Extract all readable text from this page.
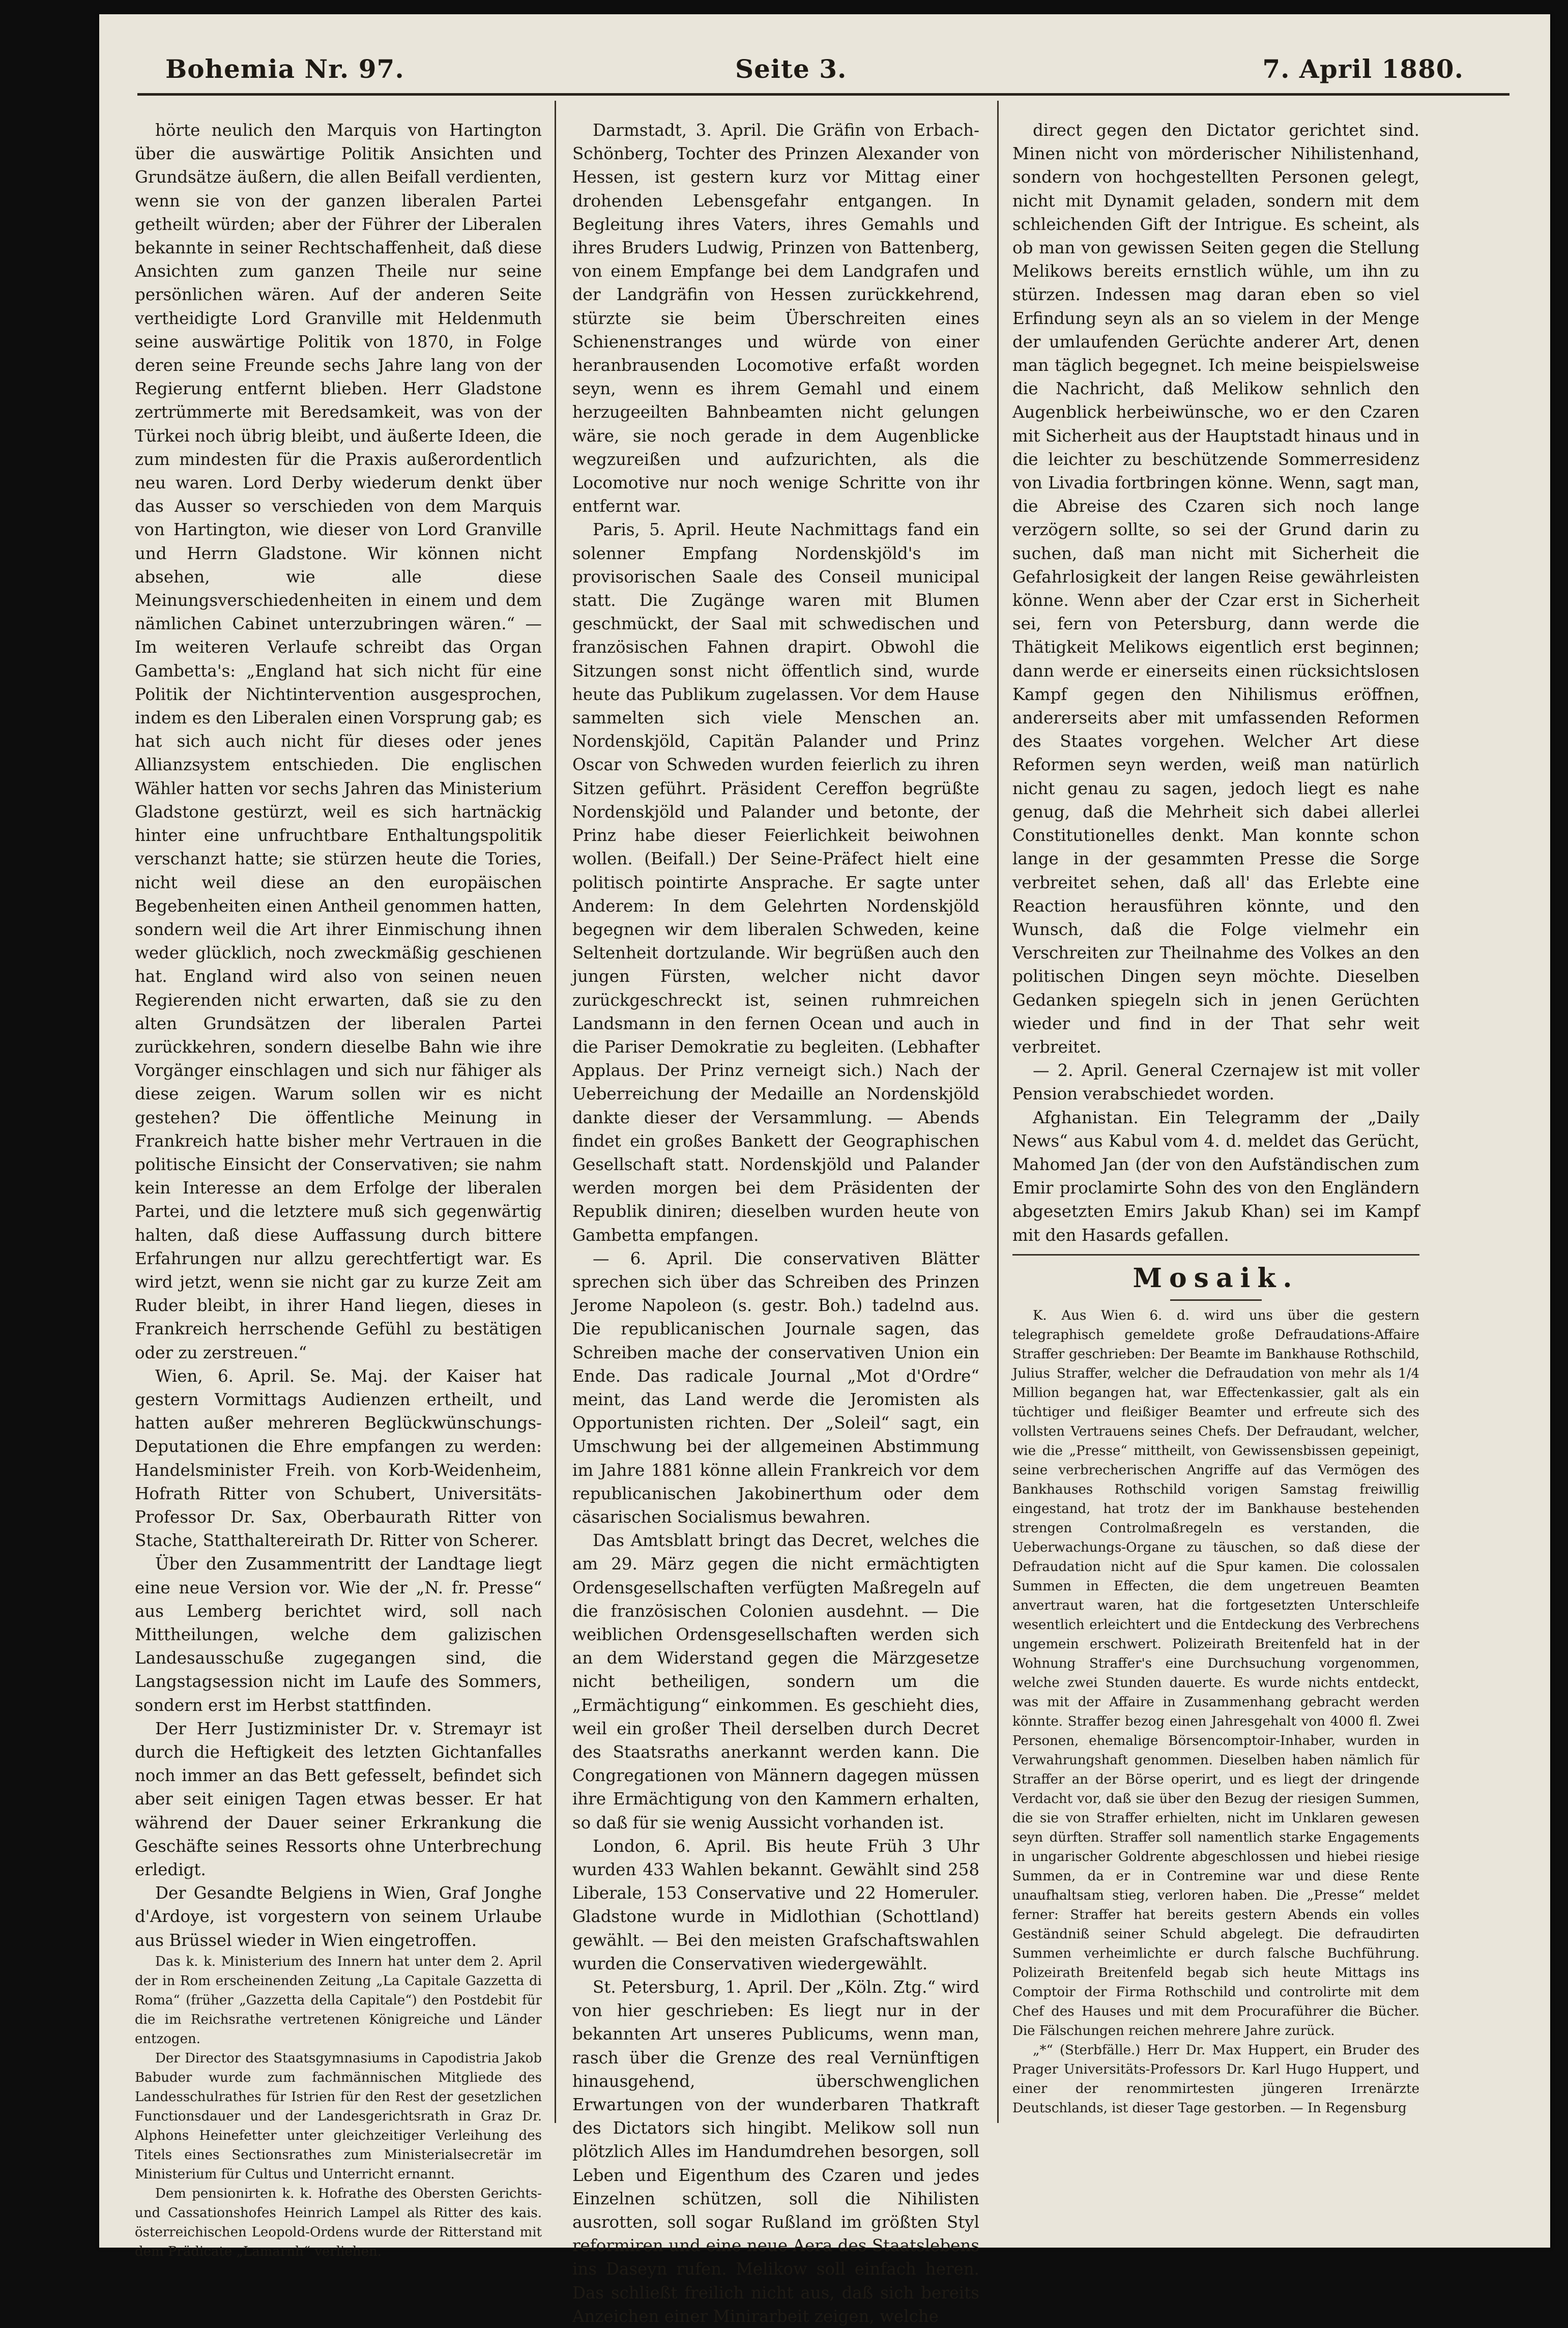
Bohemia Nr. 97.	Seite 3.	7. April 1880.

hörte neulich den Marquis von Hartington über die auswärtige Politik Ansichten und Grundsätze äußern, die allen Beifall verdienten, wenn sie von der ganzen liberalen Partei getheilt würden; aber der Führer der Liberalen bekannte in seiner Rechtschaffenheit, daß diese Ansichten zum ganzen Theile nur seine persönlichen wären. Auf der anderen Seite vertheidigte Lord Granville mit Heldenmuth seine auswärtige Politik von 1870, in Folge deren seine Freunde sechs Jahre lang von der Regierung entfernt blieben. Herr Gladstone zertrümmerte mit Beredsamkeit, was von der Türkei noch übrig bleibt, und äußerte Ideen, die zum mindesten für die Praxis außerordentlich neu waren. Lord Derby wiederum denkt über das Ausser so verschieden von dem Marquis von Hartington, wie dieser von Lord Granville und Herrn Gladstone. Wir können nicht absehen, wie alle diese Meinungsverschiedenheiten in einem und dem nämlichen Cabinet unterzubringen wären.“ — Im weiteren Verlaufe schreibt das Organ Gambetta's: „England hat sich nicht für eine Politik der Nichtintervention ausgesprochen, indem es den Liberalen einen Vorsprung gab; es hat sich auch nicht für dieses oder jenes Allianzsystem entschieden. Die englischen Wähler hatten vor sechs Jahren das Ministerium Gladstone gestürzt, weil es sich hartnäckig hinter eine unfruchtbare Enthaltungspolitik verschanzt hatte; sie stürzen heute die Tories, nicht weil diese an den europäischen Begebenheiten einen Antheil genommen hatten, sondern weil die Art ihrer Einmischung ihnen weder glücklich, noch zweckmäßig geschienen hat. England wird also von seinen neuen Regierenden nicht erwarten, daß sie zu den alten Grundsätzen der liberalen Partei zurückkehren, sondern dieselbe Bahn wie ihre Vorgänger einschlagen und sich nur fähiger als diese zeigen. Warum sollen wir es nicht gestehen? Die öffentliche Meinung in Frankreich hatte bisher mehr Vertrauen in die politische Einsicht der Conservativen; sie nahm kein Interesse an dem Erfolge der liberalen Partei, und die letztere muß sich gegenwärtig halten, daß diese Auffassung durch bittere Erfahrungen nur allzu gerechtfertigt war. Es wird jetzt, wenn sie nicht gar zu kurze Zeit am Ruder bleibt, in ihrer Hand liegen, dieses in Frankreich herrschende Gefühl zu bestätigen oder zu zerstreuen.“

Wien, 6. April. Se. Maj. der Kaiser hat gestern Vormittags Audienzen ertheilt, und hatten außer mehreren Beglückwünschungs-Deputationen die Ehre empfangen zu werden: Handelsminister Freih. von Korb-Weidenheim, Hofrath Ritter von Schubert, Universitäts-Professor Dr. Sax, Oberbaurath Ritter von Stache, Statthaltereirath Dr. Ritter von Scherer.

Über den Zusammentritt der Landtage liegt eine neue Version vor. Wie der „N. fr. Presse“ aus Lemberg berichtet wird, soll nach Mittheilungen, welche dem galizischen Landesausschuße zugegangen sind, die Langstagsession nicht im Laufe des Sommers, sondern erst im Herbst stattfinden.

Der Herr Justizminister Dr. v. Stremayr ist durch die Heftigkeit des letzten Gichtanfalles noch immer an das Bett gefesselt, befindet sich aber seit einigen Tagen etwas besser. Er hat während der Dauer seiner Erkrankung die Geschäfte seines Ressorts ohne Unterbrechung erledigt.

Der Gesandte Belgiens in Wien, Graf Jonghe d'Ardoye, ist vorgestern von seinem Urlaube aus Brüssel wieder in Wien eingetroffen.

Das k. k. Ministerium des Innern hat unter dem 2. April der in Rom erscheinenden Zeitung „La Capitale Gazzetta di Roma“ (früher „Gazzetta della Capitale“) den Postdebit für die im Reichsrathe vertretenen Königreiche und Länder entzogen.

Der Director des Staatsgymnasiums in Capodistria Jakob Babuder wurde zum fachmännischen Mitgliede des Landesschulrathes für Istrien für den Rest der gesetzlichen Functionsdauer und der Landesgerichtsrath in Graz Dr. Alphons Heinefetter unter gleichzeitiger Verleihung des Titels eines Sectionsrathes zum Ministerialsecretär im Ministerium für Cultus und Unterricht ernannt.

Dem pensionirten k. k. Hofrathe des Obersten Gerichts- und Cassationshofes Heinrich Lampel als Ritter des kais. österreichischen Leopold-Ordens wurde der Ritterstand mit dem Prädicate „Lamarnh“ verliehen.

Darmstadt, 3. April. Die Gräfin von Erbach-Schönberg, Tochter des Prinzen Alexander von Hessen, ist gestern kurz vor Mittag einer drohenden Lebensgefahr entgangen. In Begleitung ihres Vaters, ihres Gemahls und ihres Bruders Ludwig, Prinzen von Battenberg, von einem Empfange bei dem Landgrafen und der Landgräfin von Hessen zurückkehrend, stürzte sie beim Überschreiten eines Schienenstranges und würde von einer heranbrausenden Locomotive erfaßt worden seyn, wenn es ihrem Gemahl und einem herzugeeilten Bahnbeamten nicht gelungen wäre, sie noch gerade in dem Augenblicke wegzureißen und aufzurichten, als die Locomotive nur noch wenige Schritte von ihr entfernt war.

Paris, 5. April. Heute Nachmittags fand ein solenner Empfang Nordenskjöld's im provisorischen Saale des Conseil municipal statt. Die Zugänge waren mit Blumen geschmückt, der Saal mit schwedischen und französischen Fahnen drapirt. Obwohl die Sitzungen sonst nicht öffentlich sind, wurde heute das Publikum zugelassen. Vor dem Hause sammelten sich viele Menschen an. Nordenskjöld, Capitän Palander und Prinz Oscar von Schweden wurden feierlich zu ihren Sitzen geführt. Präsident Cereffon begrüßte Nordenskjöld und Palander und betonte, der Prinz habe dieser Feierlichkeit beiwohnen wollen. (Beifall.) Der Seine-Präfect hielt eine politisch pointirte Ansprache. Er sagte unter Anderem: In dem Gelehrten Nordenskjöld begegnen wir dem liberalen Schweden, keine Seltenheit dortzulande. Wir begrüßen auch den jungen Fürsten, welcher nicht davor zurückgeschreckt ist, seinen ruhmreichen Landsmann in den fernen Ocean und auch in die Pariser Demokratie zu begleiten. (Lebhafter Applaus. Der Prinz verneigt sich.) Nach der Ueberreichung der Medaille an Nordenskjöld dankte dieser der Versammlung. — Abends findet ein großes Bankett der Geographischen Gesellschaft statt. Nordenskjöld und Palander werden morgen bei dem Präsidenten der Republik diniren; dieselben wurden heute von Gambetta empfangen.

— 6. April. Die conservativen Blätter sprechen sich über das Schreiben des Prinzen Jerome Napoleon (s. gestr. Boh.) tadelnd aus. Die republicanischen Journale sagen, das Schreiben mache der conservativen Union ein Ende. Das radicale Journal „Mot d'Ordre“ meint, das Land werde die Jeromisten als Opportunisten richten. Der „Soleil“ sagt, ein Umschwung bei der allgemeinen Abstimmung im Jahre 1881 könne allein Frankreich vor dem republicanischen Jakobinerthum oder dem cäsarischen Socialismus bewahren.

Das Amtsblatt bringt das Decret, welches die am 29. März gegen die nicht ermächtigten Ordensgesellschaften verfügten Maßregeln auf die französischen Colonien ausdehnt. — Die weiblichen Ordensgesellschaften werden sich an dem Widerstand gegen die Märzgesetze nicht betheiligen, sondern um die „Ermächtigung“ einkommen. Es geschieht dies, weil ein großer Theil derselben durch Decret des Staatsraths anerkannt werden kann. Die Congregationen von Männern dagegen müssen ihre Ermächtigung von den Kammern erhalten, so daß für sie wenig Aussicht vorhanden ist.

London, 6. April. Bis heute Früh 3 Uhr wurden 433 Wahlen bekannt. Gewählt sind 258 Liberale, 153 Conservative und 22 Homeruler. Gladstone wurde in Midlothian (Schottland) gewählt. — Bei den meisten Grafschaftswahlen wurden die Conservativen wiedergewählt.

St. Petersburg, 1. April. Der „Köln. Ztg.“ wird von hier geschrieben: Es liegt nur in der bekannten Art unseres Publicums, wenn man, rasch über die Grenze des real Vernünftigen hinausgehend, überschwenglichen Erwartungen von der wunderbaren Thatkraft des Dictators sich hingibt. Melikow soll nun plötzlich Alles im Handumdrehen besorgen, soll Leben und Eigenthum des Czaren und jedes Einzelnen schützen, soll die Nihilisten ausrotten, soll sogar Rußland im größten Styl reformiren und eine neue Aera des Staatslebens ins Daseyn rufen. Melikow soll einfach heren. Das schließt freilich nicht aus, daß sich bereits Anzeichen einer Minirarbeit zeigen, welche

direct gegen den Dictator gerichtet sind. Minen nicht von mörderischer Nihilistenhand, sondern von hochgestellten Personen gelegt, nicht mit Dynamit geladen, sondern mit dem schleichenden Gift der Intrigue. Es scheint, als ob man von gewissen Seiten gegen die Stellung Melikows bereits ernstlich wühle, um ihn zu stürzen. Indessen mag daran eben so viel Erfindung seyn als an so vielem in der Menge der umlaufenden Gerüchte anderer Art, denen man täglich begegnet. Ich meine beispielsweise die Nachricht, daß Melikow sehnlich den Augenblick herbeiwünsche, wo er den Czaren mit Sicherheit aus der Hauptstadt hinaus und in die leichter zu beschützende Sommerresidenz von Livadia fortbringen könne. Wenn, sagt man, die Abreise des Czaren sich noch lange verzögern sollte, so sei der Grund darin zu suchen, daß man nicht mit Sicherheit die Gefahrlosigkeit der langen Reise gewährleisten könne. Wenn aber der Czar erst in Sicherheit sei, fern von Petersburg, dann werde die Thätigkeit Melikows eigentlich erst beginnen; dann werde er einerseits einen rücksichtslosen Kampf gegen den Nihilismus eröffnen, andererseits aber mit umfassenden Reformen des Staates vorgehen. Welcher Art diese Reformen seyn werden, weiß man natürlich nicht genau zu sagen, jedoch liegt es nahe genug, daß die Mehrheit sich dabei allerlei Constitutionelles denkt. Man konnte schon lange in der gesammten Presse die Sorge verbreitet sehen, daß all' das Erlebte eine Reaction herausführen könnte, und den Wunsch, daß die Folge vielmehr ein Verschreiten zur Theilnahme des Volkes an den politischen Dingen seyn möchte. Dieselben Gedanken spiegeln sich in jenen Gerüchten wieder und find in der That sehr weit verbreitet.

— 2. April. General Czernajew ist mit voller Pension verabschiedet worden.

Afghanistan. Ein Telegramm der „Daily News“ aus Kabul vom 4. d. meldet das Gerücht, Mahomed Jan (der von den Aufständischen zum Emir proclamirte Sohn des von den Engländern abgesetzten Emirs Jakub Khan) sei im Kampf mit den Hasards gefallen.

Mosaik.

K. Aus Wien 6. d. wird uns über die gestern telegraphisch gemeldete große Defraudations-Affaire Straffer geschrieben: Der Beamte im Bankhause Rothschild, Julius Straffer, welcher die Defraudation von mehr als 1/4 Million begangen hat, war Effectenkassier, galt als ein tüchtiger und fleißiger Beamter und erfreute sich des vollsten Vertrauens seines Chefs. Der Defraudant, welcher, wie die „Presse“ mittheilt, von Gewissensbissen gepeinigt, seine verbrecherischen Angriffe auf das Vermögen des Bankhauses Rothschild vorigen Samstag freiwillig eingestand, hat trotz der im Bankhause bestehenden strengen Controlmaßregeln es verstanden, die Ueberwachungs-Organe zu täuschen, so daß diese der Defraudation nicht auf die Spur kamen. Die colossalen Summen in Effecten, die dem ungetreuen Beamten anvertraut waren, hat die fortgesetzten Unterschleife wesentlich erleichtert und die Entdeckung des Verbrechens ungemein erschwert. Polizeirath Breitenfeld hat in der Wohnung Straffer's eine Durchsuchung vorgenommen, welche zwei Stunden dauerte. Es wurde nichts entdeckt, was mit der Affaire in Zusammenhang gebracht werden könnte. Straffer bezog einen Jahresgehalt von 4000 fl. Zwei Personen, ehemalige Börsencomptoir-Inhaber, wurden in Verwahrungshaft genommen. Dieselben haben nämlich für Straffer an der Börse operirt, und es liegt der dringende Verdacht vor, daß sie über den Bezug der riesigen Summen, die sie von Straffer erhielten, nicht im Unklaren gewesen seyn dürften. Straffer soll namentlich starke Engagements in ungarischer Goldrente abgeschlossen und hiebei riesige Summen, da er in Contremine war und diese Rente unaufhaltsam stieg, verloren haben. Die „Presse“ meldet ferner: Straffer hat bereits gestern Abends ein volles Geständniß seiner Schuld abgelegt. Die defraudirten Summen verheimlichte er durch falsche Buchführung. Polizeirath Breitenfeld begab sich heute Mittags ins Comptoir der Firma Rothschild und controlirte mit dem Chef des Hauses und mit dem Procuraführer die Bücher. Die Fälschungen reichen mehrere Jahre zurück.

„*“ (Sterbfälle.) Herr Dr. Max Huppert, ein Bruder des Prager Universitäts-Professors Dr. Karl Hugo Huppert, und einer der renommirtesten jüngeren Irrenärzte Deutschlands, ist dieser Tage gestorben. — In Regensburg
